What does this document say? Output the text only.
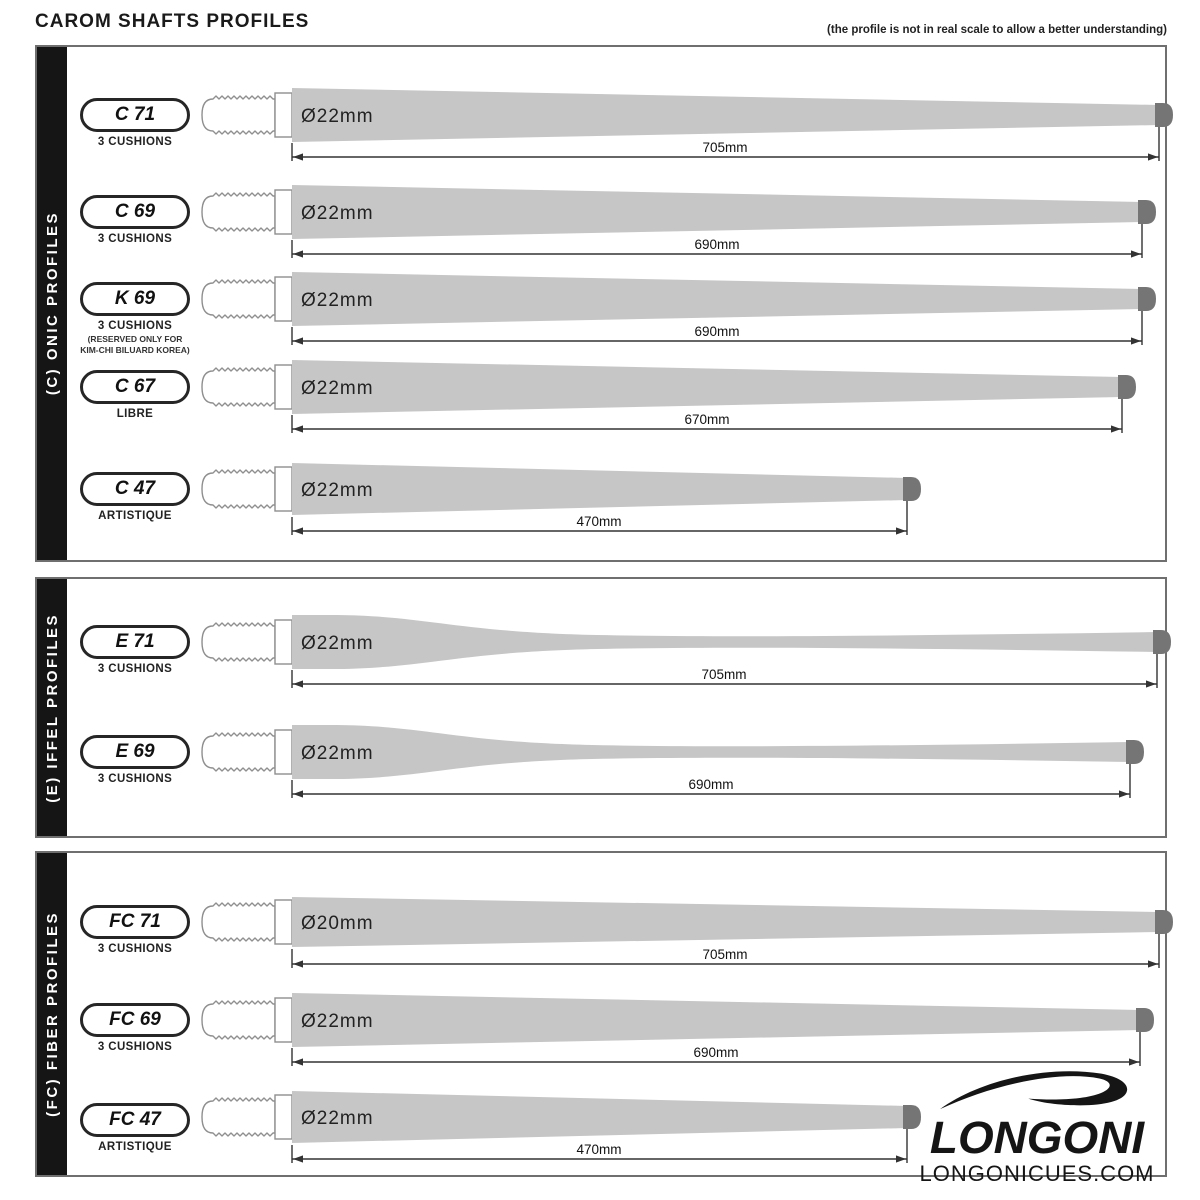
CAROM SHAFTS PROFILES	(the profile is not in real scale to allow a better understanding)
(C) ONIC PROFILES
C 71
3 CUSHIONS
Ø22mm
705mm
C 69
3 CUSHIONS
Ø22mm
690mm
K 69
3 CUSHIONS
(RESERVED ONLY FOR
KIM-CHI BILUARD KOREA)
Ø22mm
690mm
C 67
LIBRE
Ø22mm
670mm
C 47
ARTISTIQUE
Ø22mm
470mm
(E) IFFEL PROFILES	E 71
3 CUSHIONS
Ø22mm
705mm
E 69
3 CUSHIONS
Ø22mm
690mm
(FC) FIBER PROFILES	FC 71
3 CUSHIONS
Ø20mm
705mm
FC 69
3 CUSHIONS
Ø22mm
690mm
FC 47
ARTISTIQUE
Ø22mm
470mm	LONGONI
LONGONICUES.COM
